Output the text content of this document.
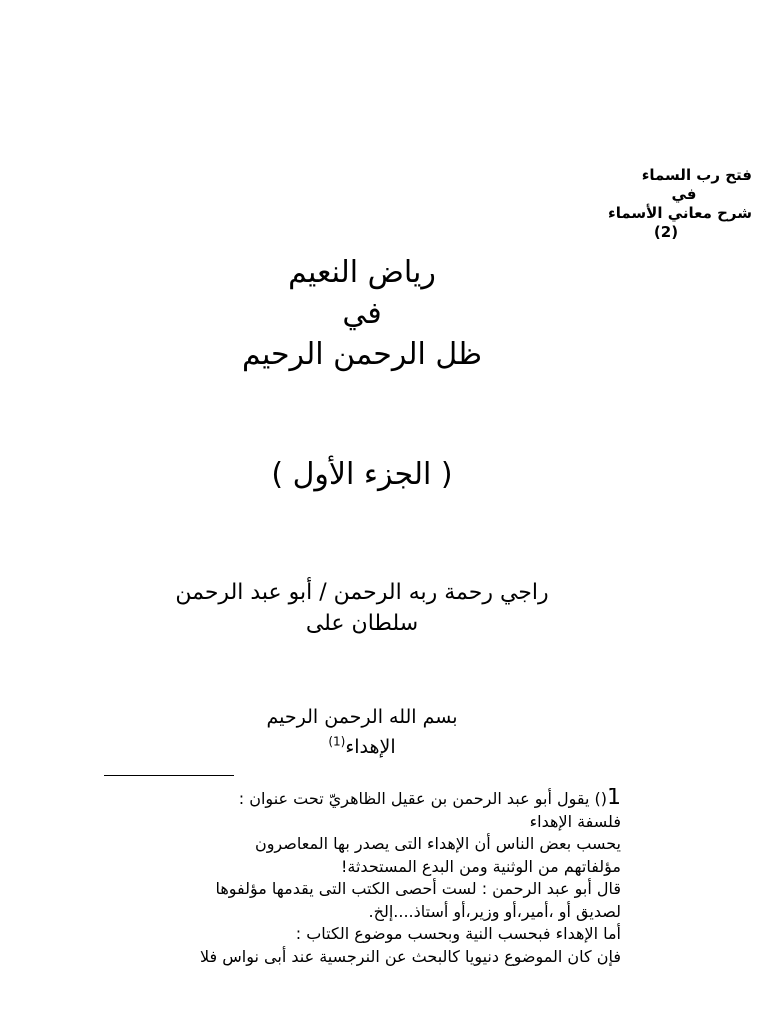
فتح رب السماء
في
شرح معاني الأسماء
(2)
رياض النعيم
في
ظل الرحمن الرحيم
( الجزء الأول )
راجي رحمة ربه الرحمن / أبو عبد الرحمن
سلطان على
بسم الله الرحمن الرحيم
الإهداء$^{(1)}$
1() يقول أبو عبد الرحمن بن عقيل الظاهريّ تحت عنوان :
فلسفة الإهداء
يحسب بعض الناس أن الإهداء التى يصدر بها المعاصرون
مؤلفاتهم من الوثنية ومن البدع المستحدثة!
قال أبو عبد الرحمن : لست أحصى الكتب التى يقدمها مؤلفوها
لصديق أو ،أمير،أو وزير،أو أستاذ....إلخ.
أما الإهداء فبحسب النية وبحسب موضوع الكتاب :
فإن كان الموضوع دنيويا كالبحث عن النرجسية عند أبى نواس فلا
